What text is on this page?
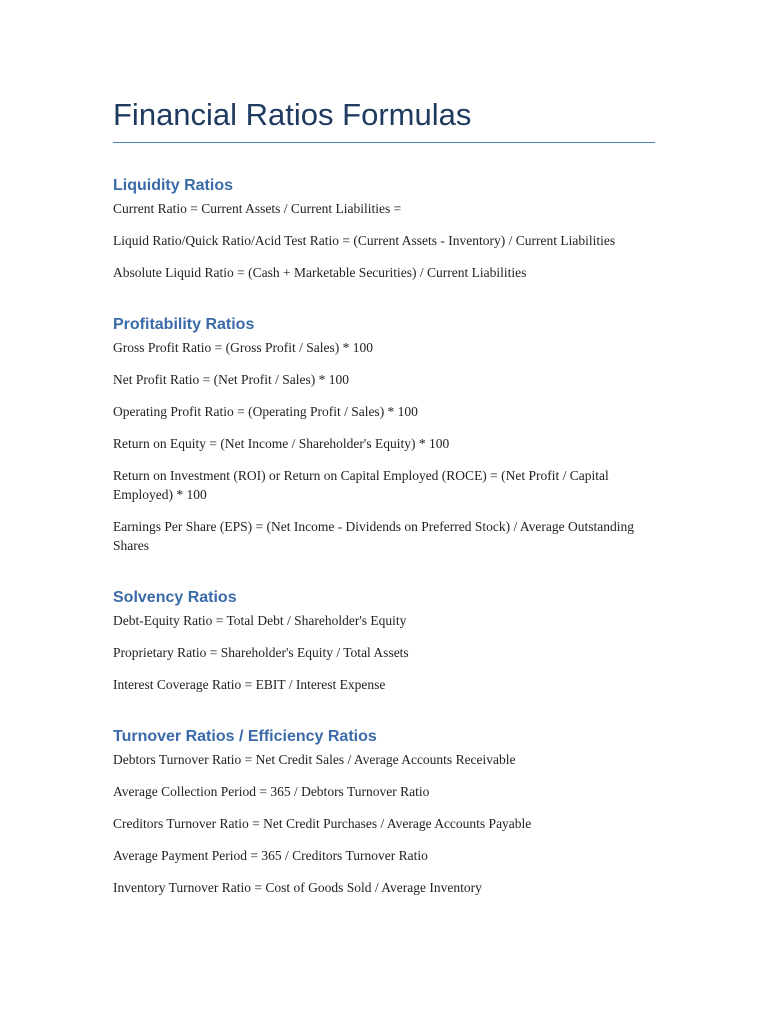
Financial Ratios Formulas
Liquidity Ratios

Current Ratio = Current Assets / Current Liabilities =

Liquid Ratio/Quick Ratio/Acid Test Ratio = (Current Assets - Inventory) / Current Liabilities

Absolute Liquid Ratio = (Cash + Marketable Securities) / Current Liabilities

Profitability Ratios

Gross Profit Ratio = (Gross Profit / Sales) * 100

Net Profit Ratio = (Net Profit / Sales) * 100

Operating Profit Ratio = (Operating Profit / Sales) * 100

Return on Equity = (Net Income / Shareholder's Equity) * 100

Return on Investment (ROI) or Return on Capital Employed (ROCE) = (Net Profit / Capital Employed) * 100

Earnings Per Share (EPS) = (Net Income - Dividends on Preferred Stock) / Average Outstanding Shares

Solvency Ratios

Debt-Equity Ratio = Total Debt / Shareholder's Equity

Proprietary Ratio = Shareholder's Equity / Total Assets

Interest Coverage Ratio = EBIT / Interest Expense

Turnover Ratios / Efficiency Ratios

Debtors Turnover Ratio = Net Credit Sales / Average Accounts Receivable

Average Collection Period = 365 / Debtors Turnover Ratio

Creditors Turnover Ratio = Net Credit Purchases / Average Accounts Payable

Average Payment Period = 365 / Creditors Turnover Ratio

Inventory Turnover Ratio = Cost of Goods Sold / Average Inventory
